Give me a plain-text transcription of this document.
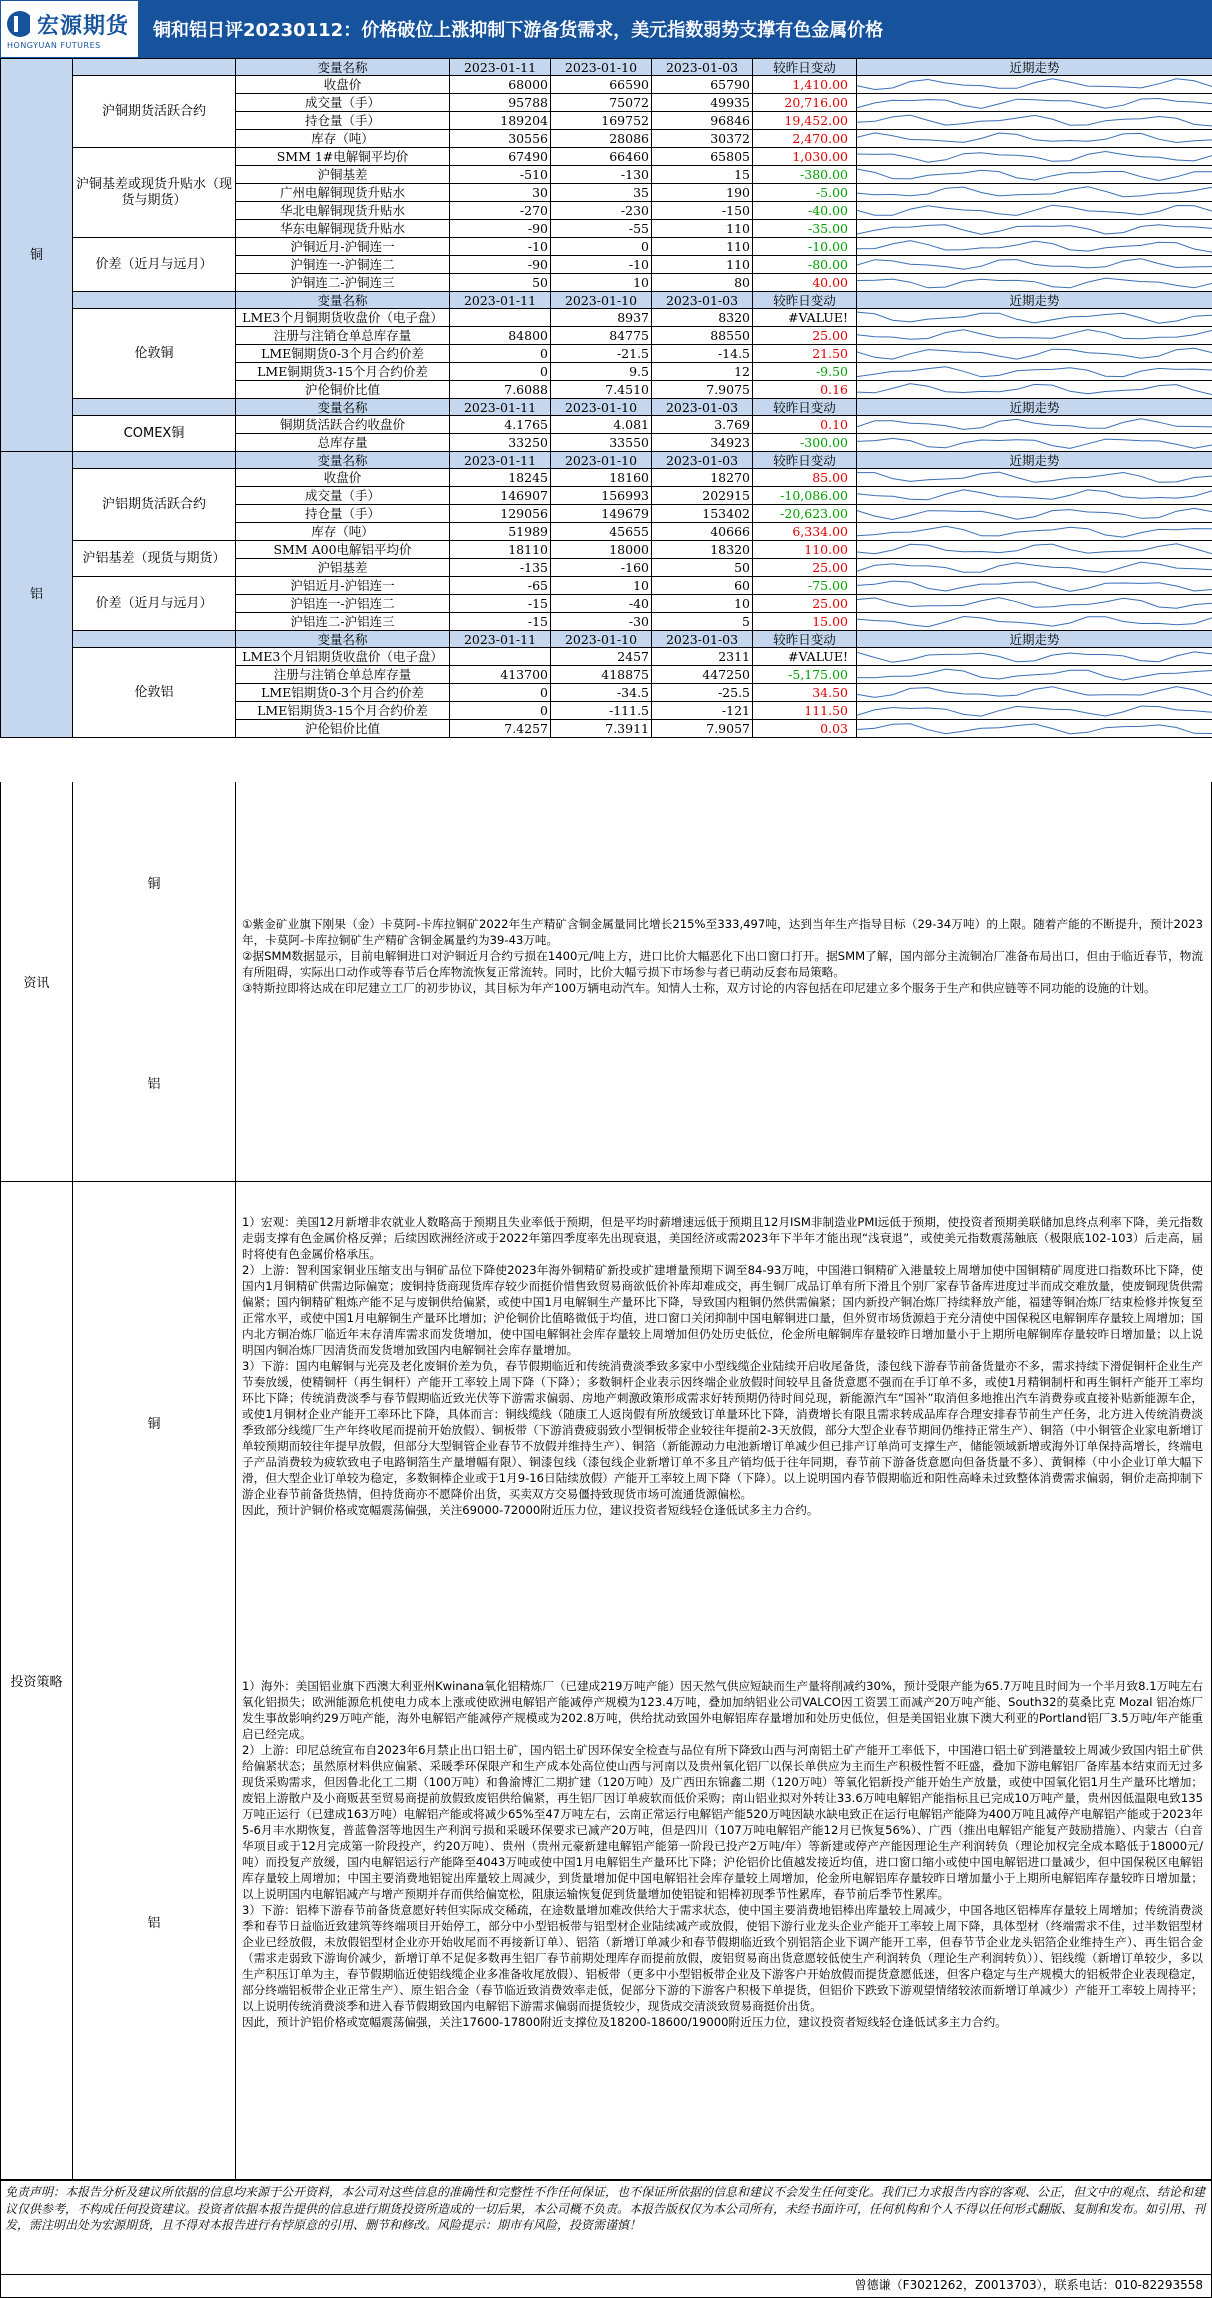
宏源期货
HONGYUAN FUTURES
铜和铝日评20230112：价格破位上涨抑制下游备货需求，美元指数弱势支撑有色金属价格
铜		变量名称	2023-01-11	2023-01-10	2023-01-03	较昨日变动	近期走势
	沪铜期货活跃合约	收盘价	68000	66590	65790	1,410.00	

		成交量（手）	95788	75072	49935	20,716.00	

		持仓量（手）	189204	169752	96846	19,452.00	

		库存（吨）	30556	28086	30372	2,470.00	

	沪铜基差或现货升贴水（现货与期货）	SMM 1#电解铜平均价	67490	66460	65805	1,030.00	

		沪铜基差	-510	-130	15	-380.00	

		广州电解铜现货升贴水	30	35	190	-5.00	

		华北电解铜现货升贴水	-270	-230	-150	-40.00	

		华东电解铜现货升贴水	-90	-55	110	-35.00	

	价差（近月与远月）	沪铜近月-沪铜连一	-10	0	110	-10.00	

		沪铜连一-沪铜连二	-90	-10	110	-80.00	

		沪铜连二-沪铜连三	50	10	80	40.00	

		变量名称	2023-01-11	2023-01-10	2023-01-03	较昨日变动	近期走势
	伦敦铜	LME3个月铜期货收盘价（电子盘）		8937	8320	#VALUE!	

		注册与注销仓单总库存量	84800	84775	88550	25.00	

		LME铜期货0-3个月合约价差	0	-21.5	-14.5	21.50	

		LME铜期货3-15个月合约价差	0	9.5	12	-9.50	

		沪伦铜价比值	7.6088	7.4510	7.9075	0.16	

		变量名称	2023-01-11	2023-01-10	2023-01-03	较昨日变动	近期走势
	COMEX铜	铜期货活跃合约收盘价	4.1765	4.081	3.769	0.10	

		总库存量	33250	33550	34923	-300.00	

铝		变量名称	2023-01-11	2023-01-10	2023-01-03	较昨日变动	近期走势
	沪铝期货活跃合约	收盘价	18245	18160	18270	85.00	

		成交量（手）	146907	156993	202915	-10,086.00	

		持仓量（手）	129056	149679	153402	-20,623.00	

		库存（吨）	51989	45655	40666	6,334.00	

	沪铝基差（现货与期货）	SMM A00电解铝平均价	18110	18000	18320	110.00	

		沪铝基差	-135	-160	50	25.00	

	价差（近月与远月）	沪铝近月-沪铝连一	-65	10	60	-75.00	

		沪铝连一-沪铝连二	-15	-40	10	25.00	

		沪铝连二-沪铝连三	-15	-30	5	15.00	

		变量名称	2023-01-11	2023-01-10	2023-01-03	较昨日变动	近期走势
	伦敦铝	LME3个月铝期货收盘价（电子盘）		2457	2311	#VALUE!	

		注册与注销仓单总库存量	413700	418875	447250	-5,175.00	

		LME铝期货0-3个月合约价差	0	-34.5	-25.5	34.50	

		LME铝期货3-15个月合约价差	0	-111.5	-121	111.50	

		沪伦铝价比值	7.4257	7.3911	7.9057	0.03	
资讯
铜
铝
①紫金矿业旗下刚果（金）卡莫阿-卡库拉铜矿2022年生产精矿含铜金属量同比增长215%至333,497吨，达到当年生产指导目标（29-34万吨）的上限。随着产能的不断提升，预计2023年，卡莫阿-卡库拉铜矿生产精矿含铜金属量约为39-43万吨。
②据SMM数据显示，目前电解铜进口对沪铜近月合约亏损在1400元/吨上方，进口比价大幅恶化下出口窗口打开。据SMM了解，国内部分主流铜冶厂准备布局出口，但由于临近春节，物流有所阻碍，实际出口动作或等春节后仓库物流恢复正常流转。同时，比价大幅亏损下市场参与者已萌动反套布局策略。
③特斯拉即将达成在印尼建立工厂的初步协议，其目标为年产100万辆电动汽车。知情人士称，双方讨论的内容包括在印尼建立多个服务于生产和供应链等不同功能的设施的计划。
投资策略
铜
铝
1）宏观：美国12月新增非农就业人数略高于预期且失业率低于预期，但是平均时薪增速远低于预期且12月ISM非制造业PMI远低于预期，使投资者预期美联储加息终点利率下降，美元指数走弱支撑有色金属价格反弹；后续因欧洲经济或于2022年第四季度率先出现衰退，美国经济或需2023年下半年才能出现“浅衰退”，或使美元指数震荡触底（极限底102-103）后走高，届时将使有色金属价格承压。
2）上游：智利国家铜业压缩支出与铜矿品位下降使2023年海外铜精矿新投或扩建增量预期下调至84-93万吨，中国港口铜精矿入港量较上周增加使中国铜精矿周度进口指数环比下降，使国内1月铜精矿供需边际偏宽；废铜持货商现货库存较少而挺价惜售致贸易商欲低价补库却难成交，再生铜厂成品订单有所下滑且个别厂家春节备库进度过半而成交难放量，使废铜现货供需偏紧；国内铜精矿粗炼产能不足与废铜供给偏紧，或使中国1月电解铜生产量环比下降，导致国内粗铜仍然供需偏紧；国内新投产铜冶炼厂持续释放产能，福建等铜冶炼厂结束检修并恢复至正常水平，或使中国1月电解铜生产量环比增加；沪伦铜价比值略微低于均值，进口窗口关闭抑制中国电解铜进口量，但外贸市场货源趋于充分清使中国保税区电解铜库存量较上周增加；国内北方铜冶炼厂临近年末存清库需求而发货增加，使中国电解铜社会库存量较上周增加但仍处历史低位，伦金所电解铜库存量较昨日增加量小于上期所电解铜库存量较昨日增加量；以上说明国内铜冶炼厂因清货而发货增加致国内电解铜社会库存量增加。
3）下游：国内电解铜与光亮及老化废铜价差为负，春节假期临近和传统消费淡季致多家中小型线缆企业陆续开启收尾备货，漆包线下游春节前备货量亦不多，需求持续下滑促铜杆企业生产节奏放缓，使精铜杆（再生铜杆）产能开工率较上周下降（下降）；多数铜杆企业表示因终端企业放假时间较早且备货意愿不强而在手订单不多，或使1月精铜制杆和再生铜杆产能开工率均环比下降；传统消费淡季与春节假期临近致光伏等下游需求偏弱、房地产刺激政策形成需求好转预期仍待时间兑现，新能源汽车“国补”取消但多地推出汽车消费券或直接补贴新能源车企，或使1月铜材企业产能开工率环比下降，具体而言：铜线缆线（随康工人返岗假有所放缓致订单量环比下降，消费增长有限且需求转成品库存合理安排春节前生产任务，北方进入传统消费淡季致部分线缆厂生产年终收尾而提前开始放假）、铜板带（下游消费疲弱致小型铜板带企业较往年提前2-3天放假，部分大型企业春节期间仍维持正常生产）、铜箔（中小铜管企业家电新增订单较预期而较往年提早放假，但部分大型铜管企业春节不放假并维持生产）、铜箔（新能源动力电池新增订单减少但已排产订单尚可支撑生产，储能领域新增或海外订单保持高增长，终端电子产品消费较为疲软致电子电路铜箔生产量增幅有限）、铜漆包线（漆包线企业新增订单不多且产销均低于往年同期，春节前下游备货意愿向但备货量不多）、黄铜棒（中小企业订单大幅下滑，但大型企业订单较为稳定，多数铜棒企业或于1月9-16日陆续放假）产能开工率较上周下降（下降）。以上说明国内春节假期临近和阳性高峰未过致整体消费需求偏弱，铜价走高抑制下游企业春节前备货热情，但持货商亦不愿降价出货，买卖双方交易僵持致现货市场可流通货源偏松。
因此，预计沪铜价格或宽幅震荡偏强，关注69000-72000附近压力位，建议投资者短线轻仓逢低试多主力合约。
1）海外：美国铝业旗下西澳大利亚州Kwinana氧化铝精炼厂（已建成219万吨产能）因天然气供应短缺而生产量将削减约30%，预计受限产能为65.7万吨且时间为一个半月致8.1万吨左右氧化铝损失；欧洲能源危机使电力成本上涨或使欧洲电解铝产能减停产规模为123.4万吨，叠加加纳铝业公司VALCO因工资罢工而减产20万吨产能、South32的莫桑比克 Mozal 铝冶炼厂发生事故影响约29万吨产能，海外电解铝产能减停产规模或为202.8万吨，供给扰动致国外电解铝库存量增加和处历史低位，但是美国铝业旗下澳大利亚的Portland铝厂3.5万吨/年产能重启已经完成。
2）上游：印尼总统宣布自2023年6月禁止出口铝土矿，国内铝土矿因环保安全检查与品位有所下降致山西与河南铝土矿产能开工率低下，中国港口铝土矿到港量较上周减少致国内铝土矿供给偏紧状态；虽然原材料供应偏紧、采暖季环保限产和生产成本处高位使山西与河南以及贵州氧化铝厂以保长单供应为主而生产积极性暂不旺盛，叠加下游电解铝厂备库基本结束而无过多现货采购需求，但因鲁北化工二期（100万吨）和鲁渝博汇二期扩建（120万吨）及广西田东锦鑫二期（120万吨）等氧化铝新投产能开始生产放量，或使中国氧化铝1月生产量环比增加；废铝上游散户及小商贩甚至贸易商提前放假致废铝供给偏紧，再生铝厂因订单疲软而低价采购；南山铝业拟对外转让33.6万吨电解铝产能指标且已完成10万吨产量，贵州因低温限电致135万吨正运行（已建成163万吨）电解铝产能或将减少65%至47万吨左右，云南正常运行电解铝产能520万吨因缺水缺电致正在运行电解铝产能降为400万吨且减停产电解铝产能或于2023年5-6月丰水期恢复，普蓝鲁滘等地因生产利润亏损和采暖环保要求已减产20万吨，但是四川（107万吨电解铝产能12月已恢复56%）、广西（推出电解铝产能复产鼓励措施）、内蒙古（白音华项目或于12月完成第一阶段投产，约20万吨）、贵州（贵州元豪新建电解铝产能第一阶段已投产2万吨/年）等新建或停产产能因理论生产利润转负（理论加权完全成本略低于18000元/吨）而投复产放缓，国内电解铝运行产能降至4043万吨或使中国1月电解铝生产量环比下降；沪伦铝价比值越发接近均值，进口窗口缩小或使中国电解铝进口量减少，但中国保税区电解铝库存量较上周增加；中国主要消费地铝锭出库量较上周减少，到货量增加促中国电解铝社会库存量较上周增加，伦金所电解铝库存量较昨日增加量小于上期所电解铝库存量较昨日增加量；以上说明国内电解铝减产与增产预期并存而供给偏宽松，阻康运输恢复促到货量增加使铝锭和铝棒初现季节性累库，春节前后季节性累库。
3）下游：铝棒下游春节前备货意愿好转但实际成交稀疏，在途数量增加难改供给大于需求状态，使中国主要消费地铝棒出库量较上周减少，中国各地区铝棒库存量较上周增加；传统消费淡季和春节日益临近致建筑等终端项目开始停工，部分中小型铝板带与铝型材企业陆续减产或放假，使铝下游行业龙头企业产能开工率较上周下降，具体型材（终端需求不佳，过半数铝型材企业已经放假，未放假铝型材企业亦开始收尾而不再接新订单）、铝箔（新增订单减少和春节假期临近致个别铝箔企业下调产能开工率，但春节节企业龙头铝箔企业维持生产）、再生铝合金（需求走弱致下游询价减少，新增订单不足促多数再生铝厂春节前期处理库存而提前放假，废铝贸易商出货意愿较低使生产利润转负（理论生产利润转负））、铝线缆（新增订单较少，多以生产积压订单为主，春节假期临近使铝线缆企业多准备收尾放假）、铝板带（更多中小型铝板带企业及下游客户开始放假而提货意愿低迷，但客户稳定与生产规模大的铝板带企业表现稳定，部分终端铝板带企业正常生产）、原生铝合金（春节临近致消费效率走低，促部分下游的下游客户积极下单提货，但铝价下跌致下游观望情绪较浓而新增订单减少）产能开工率较上周持平；以上说明传统消费淡季和进入春节假期致国内电解铝下游需求偏弱而提货较少，现货成交清淡致贸易商挺价出货。
因此，预计沪铝价格或宽幅震荡偏强，关注17600-17800附近支撑位及18200-18600/19000附近压力位，建议投资者短线轻仓逢低试多主力合约。
免责声明：本报告分析及建议所依据的信息均来源于公开资料，本公司对这些信息的准确性和完整性不作任何保证，也不保证所依据的信息和建议不会发生任何变化。我们已力求报告内容的客观、公正，但文中的观点、结论和建议仅供参考，不构成任何投资建议。投资者依据本报告提供的信息进行期货投资所造成的一切后果，本公司概不负责。本报告版权仅为本公司所有，未经书面许可，任何机构和个人不得以任何形式翻版、复制和发布。如引用、刊发，需注明出处为宏源期货，且不得对本报告进行有悖原意的引用、删节和修改。风险提示：期市有风险，投资需谨慎！
曾德谦（F3021262，Z0013703），联系电话：010-82293558
